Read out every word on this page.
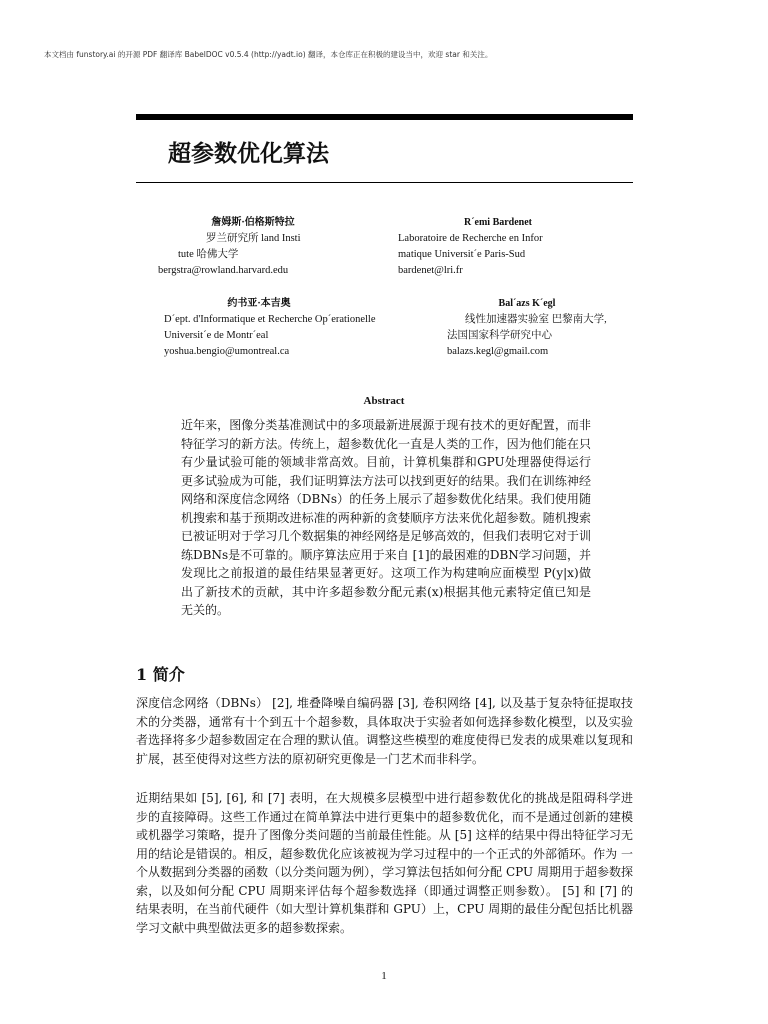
本文档由 funstory.ai 的开源 PDF 翻译库 BabelDOC v0.5.4 (http://yadt.io) 翻译，本仓库正在积极的建设当中，欢迎 star 和关注。
超参数优化算法
詹姆斯·伯格斯特拉
罗兰研究所 land Insti
tute 哈佛大学
bergstra@rowland.harvard.edu
R´emi Bardenet
Laboratoire de Recherche en Infor
matique Universit´e Paris-Sud
bardenet@lri.fr
约书亚·本吉奥
D´ept. d'Informatique et Recherche Op´erationelle
Universit´e de Montr´eal
yoshua.bengio@umontreal.ca
Bal´azs K´egl
线性加速器实验室 巴黎南大学,
法国国家科学研究中心
balazs.kegl@gmail.com
Abstract
近年来，图像分类基准测试中的多项最新进展源于现有技术的更好配置，而非特征学习的新方法。传统上，超参数优化一直是人类的工作，因为他们能在只有少量试验可能的领域非常高效。目前，计算机集群和GPU处理器使得运行更多试验成为可能，我们证明算法方法可以找到更好的结果。我们在训练神经网络和深度信念网络（DBNs）的任务上展示了超参数优化结果。我们使用随机搜索和基于预期改进标准的两种新的贪婪顺序方法来优化超参数。随机搜索已被证明对于学习几个数据集的神经网络是足够高效的，但我们表明它对于训练DBNs是不可靠的。顺序算法应用于来自 [1]的最困难的DBN学习问题，并发现比之前报道的最佳结果显著更好。这项工作为构建响应面模型 P(y|x)做出了新技术的贡献，其中许多超参数分配元素(x)根据其他元素特定值已知是无关的。
1 简介
深度信念网络（DBNs） [2], 堆叠降噪自编码器 [3], 卷积网络 [4], 以及基于复杂特征提取技术的分类器，通常有十个到五十个超参数，具体取决于实验者如何选择参数化模型，以及实验者选择将多少超参数固定在合理的默认值。调整这些模型的难度使得已发表的成果难以复现和扩展，甚至使得对这些方法的原初研究更像是一门艺术而非科学。
近期结果如 [5], [6], 和 [7] 表明，在大规模多层模型中进行超参数优化的挑战是阻碍科学进步的直接障碍。这些工作通过在简单算法中进行更集中的超参数优化，而不是通过创新的建模或机器学习策略，提升了图像分类问题的当前最佳性能。从 [5] 这样的结果中得出特征学习无用的结论是错误的。相反，超参数优化应该被视为学习过程中的一个正式的外部循环。作为 一个从数据到分类器的函数（以分类问题为例），学习算法包括如何分配 CPU 周期用于超参数探索，以及如何分配 CPU 周期来评估每个超参数选择（即通过调整正则参数）。 [5] 和 [7] 的结果表明，在当前代硬件（如大型计算机集群和 GPU）上，CPU 周期的最佳分配包括比机器学习文献中典型做法更多的超参数探索。
1
